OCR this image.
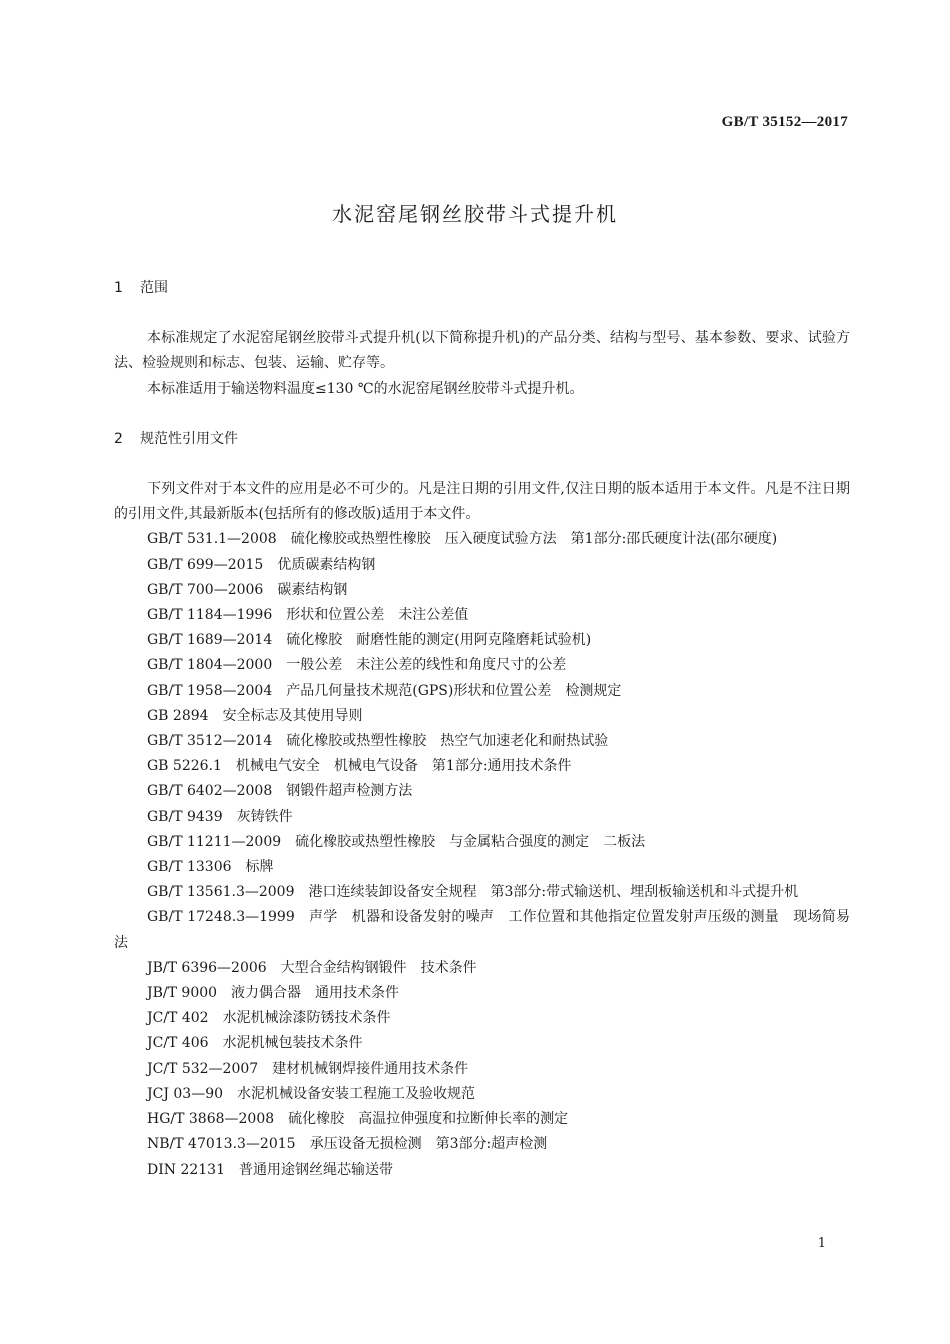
GB/T 35152—2017
水泥窑尾钢丝胶带斗式提升机
1 范围

本标准规定了水泥窑尾钢丝胶带斗式提升机(以下简称提升机)的产品分类、结构与型号、基本参数、要求、试验方法、检验规则和标志、包装、运输、贮存等。

本标准适用于输送物料温度≤130 ℃的水泥窑尾钢丝胶带斗式提升机。

2 规范性引用文件

下列文件对于本文件的应用是必不可少的。凡是注日期的引用文件,仅注日期的版本适用于本文件。凡是不注日期的引用文件,其最新版本(包括所有的修改版)适用于本文件。

GB/T 531.1—2008 硫化橡胶或热塑性橡胶　压入硬度试验方法　第1部分:邵氏硬度计法(邵尔硬度)

GB/T 699—2015 优质碳素结构钢

GB/T 700—2006 碳素结构钢

GB/T 1184—1996 形状和位置公差　未注公差值

GB/T 1689—2014 硫化橡胶　耐磨性能的测定(用阿克隆磨耗试验机)

GB/T 1804—2000 一般公差　未注公差的线性和角度尺寸的公差

GB/T 1958—2004 产品几何量技术规范(GPS)形状和位置公差　检测规定

GB 2894 安全标志及其使用导则

GB/T 3512—2014 硫化橡胶或热塑性橡胶　热空气加速老化和耐热试验

GB 5226.1 机械电气安全　机械电气设备　第1部分:通用技术条件

GB/T 6402—2008 钢锻件超声检测方法

GB/T 9439 灰铸铁件

GB/T 11211—2009 硫化橡胶或热塑性橡胶　与金属粘合强度的测定　二板法

GB/T 13306 标牌

GB/T 13561.3—2009 港口连续装卸设备安全规程　第3部分:带式输送机、埋刮板输送机和斗式提升机

GB/T 17248.3—1999 声学　机器和设备发射的噪声　工作位置和其他指定位置发射声压级的测量　现场简易法

JB/T 6396—2006 大型合金结构钢锻件　技术条件

JB/T 9000 液力偶合器　通用技术条件

JC/T 402 水泥机械涂漆防锈技术条件

JC/T 406 水泥机械包装技术条件

JC/T 532—2007 建材机械钢焊接件通用技术条件

JCJ 03—90 水泥机械设备安装工程施工及验收规范

HG/T 3868—2008 硫化橡胶　高温拉伸强度和拉断伸长率的测定

NB/T 47013.3—2015 承压设备无损检测　第3部分:超声检测

DIN 22131 普通用途钢丝绳芯输送带

1
